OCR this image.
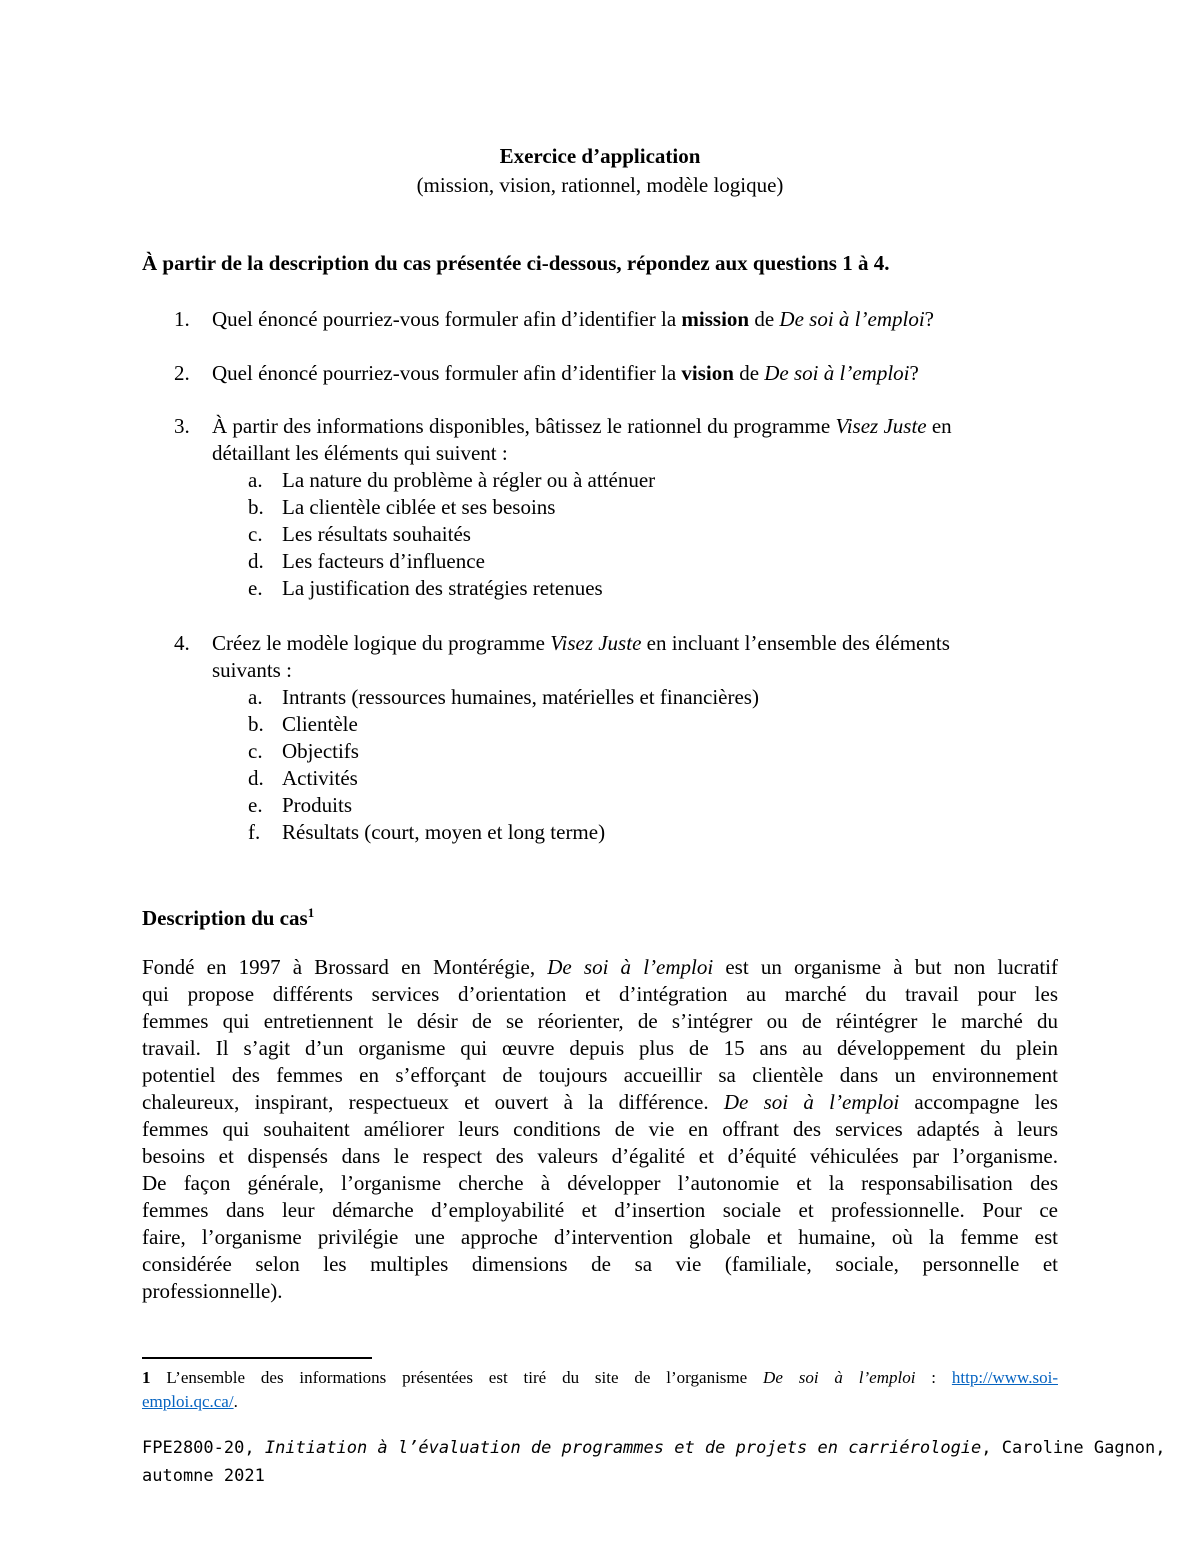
Exercice d’application
(mission, vision, rationnel, modèle logique)
À partir de la description du cas présentée ci-dessous, répondez aux questions 1 à 4.
1.	Quel énoncé pourriez-vous formuler afin d’identifier la mission de De soi à l’emploi?
2.	Quel énoncé pourriez-vous formuler afin d’identifier la vision de De soi à l’emploi?
3.	À partir des informations disponibles, bâtissez le rationnel du programme Visez Juste en
détaillant les éléments qui suivent :
a. La nature du problème à régler ou à atténuer
b. La clientèle ciblée et ses besoins
c. Les résultats souhaités
d. Les facteurs d’influence
e. La justification des stratégies retenues
4.	Créez le modèle logique du programme Visez Juste en incluant l’ensemble des éléments
suivants :
a. Intrants (ressources humaines, matérielles et financières)
b. Clientèle
c. Objectifs
d. Activités
e. Produits
f. Résultats (court, moyen et long terme)
Description du cas$^1$
Fondé en 1997 à Brossard en Montérégie, De soi à l’emploi est un organisme à but non lucratif
qui propose différents services d’orientation et d’intégration au marché du travail pour les
femmes qui entretiennent le désir de se réorienter, de s’intégrer ou de réintégrer le marché du
travail. Il s’agit d’un organisme qui œuvre depuis plus de 15 ans au développement du plein
potentiel des femmes en s’efforçant de toujours accueillir sa clientèle dans un environnement
chaleureux, inspirant, respectueux et ouvert à la différence. De soi à l’emploi accompagne les
femmes qui souhaitent améliorer leurs conditions de vie en offrant des services adaptés à leurs
besoins et dispensés dans le respect des valeurs d’égalité et d’équité véhiculées par l’organisme.
De façon générale, l’organisme cherche à développer l’autonomie et la responsabilisation des
femmes dans leur démarche d’employabilité et d’insertion sociale et professionnelle. Pour ce
faire, l’organisme privilégie une approche d’intervention globale et humaine, où la femme est
considérée selon les multiples dimensions de sa vie (familiale, sociale, personnelle et
professionnelle).
1 L’ensemble des informations présentées est tiré du site de l’organisme De soi à l’emploi : http://www.soi-
emploi.qc.ca/.
FPE2800-20, Initiation à l’évaluation de programmes et de projets en carriérologie, Caroline Gagnon,
automne 2021
